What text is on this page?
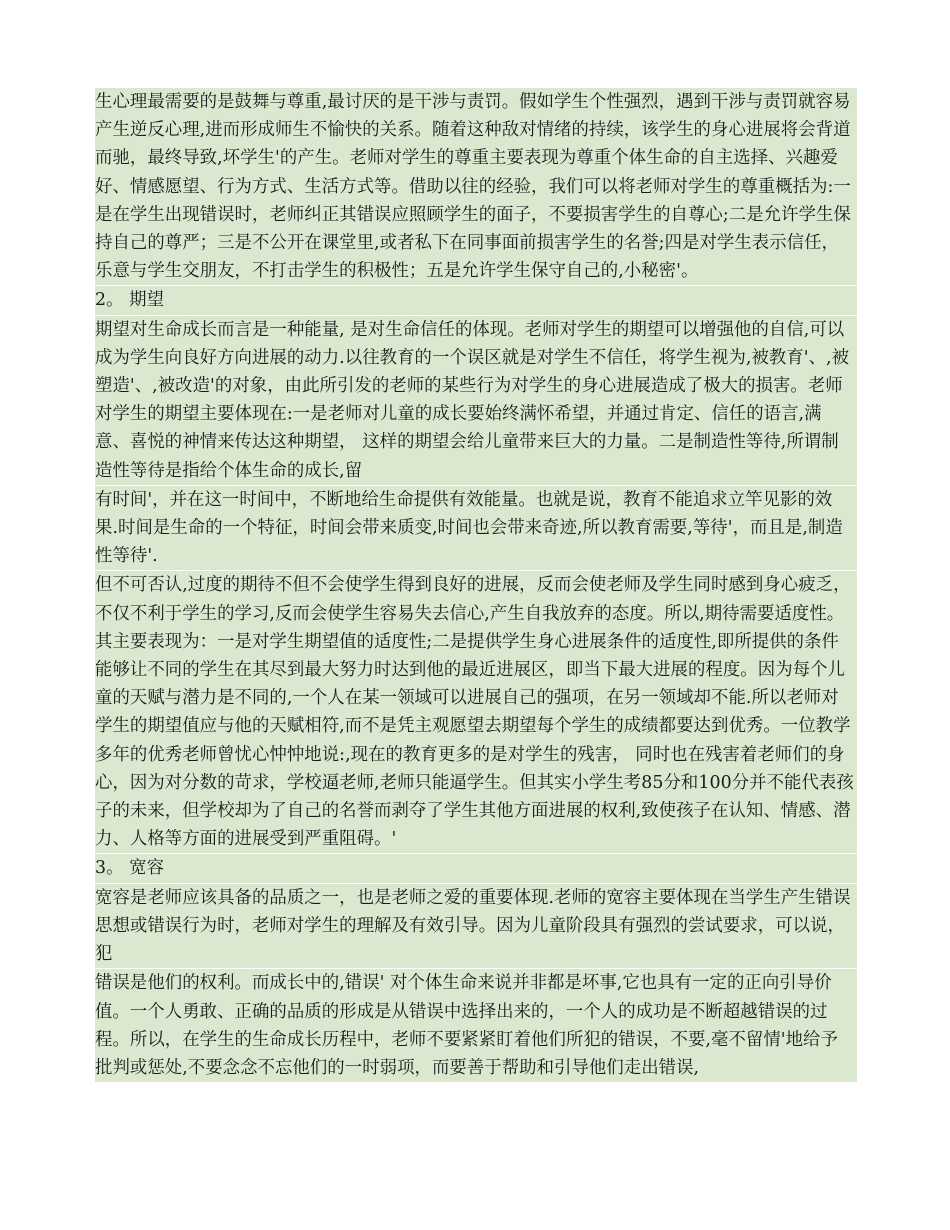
生心理最需要的是鼓舞与尊重,最讨厌的是干涉与责罚。假如学生个性强烈，遇到干涉与责罚就容易产生逆反心理,进而形成师生不愉快的关系。随着这种敌对情绪的持续，该学生的身心进展将会背道而驰，最终导致,坏学生'的产生。老师对学生的尊重主要表现为尊重个体生命的自主选择、兴趣爱好、情感愿望、行为方式、生活方式等。借助以往的经验，我们可以将老师对学生的尊重概括为:一是在学生出现错误时，老师纠正其错误应照顾学生的面子，不要损害学生的自尊心;二是允许学生保持自己的尊严；三是不公开在课堂里,或者私下在同事面前损害学生的名誉;四是对学生表示信任，乐意与学生交朋友，不打击学生的积极性；五是允许学生保守自己的,小秘密'。

2。 期望

期望对生命成长而言是一种能量, 是对生命信任的体现。老师对学生的期望可以增强他的自信,可以成为学生向良好方向进展的动力.以往教育的一个误区就是对学生不信任，将学生视为,被教育'、,被塑造'、,被改造'的对象，由此所引发的老师的某些行为对学生的身心进展造成了极大的损害。老师对学生的期望主要体现在:一是老师对儿童的成长要始终满怀希望，并通过肯定、信任的语言,满意、喜悦的神情来传达这种期望， 这样的期望会给儿童带来巨大的力量。二是制造性等待,所谓制造性等待是指给个体生命的成长,留

有时间'，并在这一时间中，不断地给生命提供有效能量。也就是说，教育不能追求立竿见影的效果.时间是生命的一个特征，时间会带来质变,时间也会带来奇迹,所以教育需要,等待'，而且是,制造性等待'.

但不可否认,过度的期待不但不会使学生得到良好的进展，反而会使老师及学生同时感到身心疲乏，不仅不利于学生的学习,反而会使学生容易失去信心,产生自我放弃的态度。所以,期待需要适度性。其主要表现为：一是对学生期望值的适度性;二是提供学生身心进展条件的适度性,即所提供的条件能够让不同的学生在其尽到最大努力时达到他的最近进展区，即当下最大进展的程度。因为每个儿童的天赋与潜力是不同的,一个人在某一领域可以进展自己的强项，在另一领域却不能.所以老师对学生的期望值应与他的天赋相符,而不是凭主观愿望去期望每个学生的成绩都要达到优秀。一位教学多年的优秀老师曾忧心忡忡地说:,现在的教育更多的是对学生的残害， 同时也在残害着老师们的身心，因为对分数的苛求，学校逼老师,老师只能逼学生。但其实小学生考85分和100分并不能代表孩子的未来，但学校却为了自己的名誉而剥夺了学生其他方面进展的权利,致使孩子在认知、情感、潜力、人格等方面的进展受到严重阻碍。'

3。 宽容

宽容是老师应该具备的品质之一，也是老师之爱的重要体现.老师的宽容主要体现在当学生产生错误思想或错误行为时，老师对学生的理解及有效引导。因为儿童阶段具有强烈的尝试要求，可以说，犯

错误是他们的权利。而成长中的,错误' 对个体生命来说并非都是坏事,它也具有一定的正向引导价值。一个人勇敢、正确的品质的形成是从错误中选择出来的，一个人的成功是不断超越错误的过程。所以，在学生的生命成长历程中，老师不要紧紧盯着他们所犯的错误，不要,毫不留情'地给予批判或惩处,不要念念不忘他们的一时弱项，而要善于帮助和引导他们走出错误,
